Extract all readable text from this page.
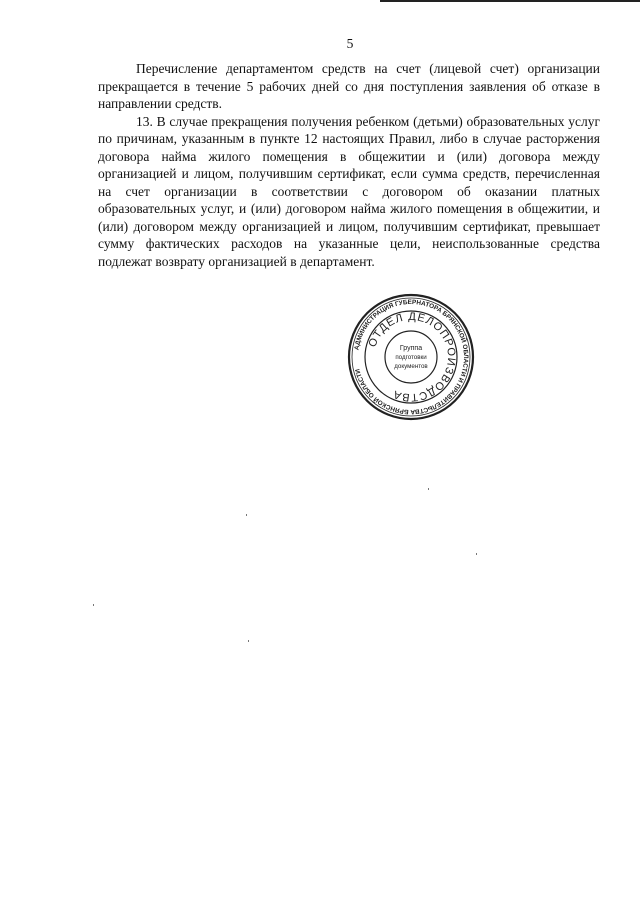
5

Перечисление департаментом средств на счет (лицевой счет) организации прекращается в течение 5 рабочих дней со дня поступления заявления об отказе в направлении средств.

13. В случае прекращения получения ребенком (детьми) образовательных услуг по причинам, указанным в пункте 12 настоящих Правил, либо в случае расторжения договора найма жилого помещения в общежитии и (или) договора между организацией и лицом, получившим сертификат, если сумма средств, перечисленная на счет организации в соответствии с договором об оказании платных образовательных услуг, и (или) договором найма жилого помещения в общежитии, и (или) договором между организацией и лицом, получившим сертификат, превышает сумму фактических расходов на указанные цели, неиспользованные средства подлежат возврату организацией в департамент.

АДМИНИСТРАЦИЯ ГУБЕРНАТОРА БРЯНСКОЙ ОБЛАСТИ И ПРАВИТЕЛЬСТВА БРЯНСКОЙ ОБЛАСТИ
ОТДЕЛ ДЕЛОПРОИЗВОДСТВА
Группа
подготовки
документов
